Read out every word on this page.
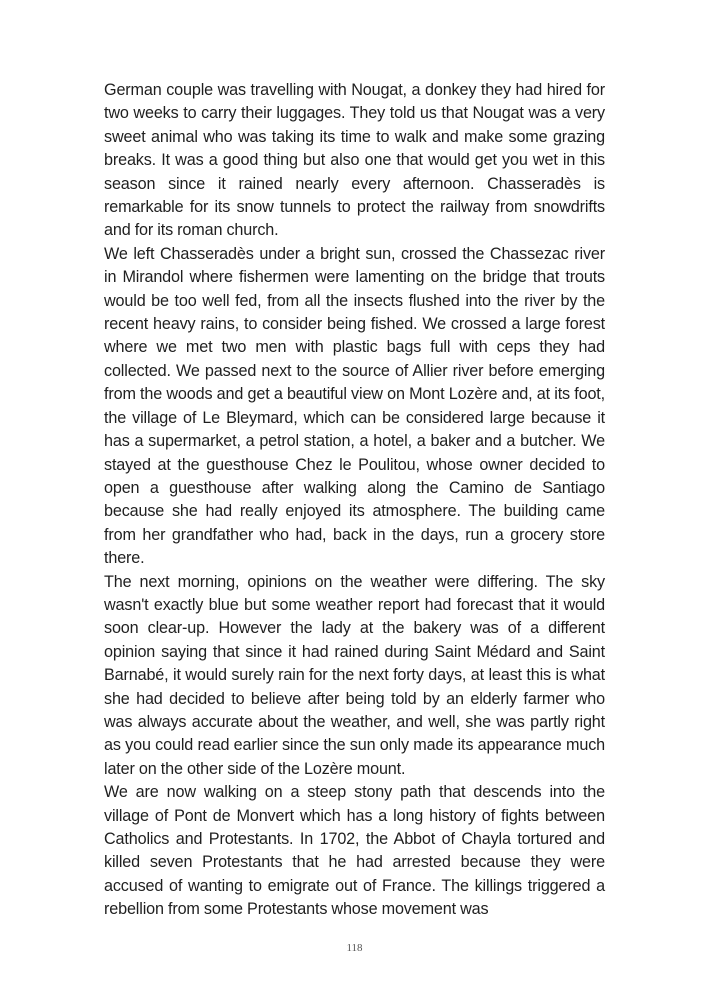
German couple was travelling with Nougat, a donkey they had hired for two weeks to carry their luggages. They told us that Nougat was a very sweet animal who was taking its time to walk and make some grazing breaks. It was a good thing but also one that would get you wet in this season since it rained nearly every afternoon. Chasseradès is remarkable for its snow tunnels to protect the railway from snowdrifts and for its roman church.

We left Chasseradès under a bright sun, crossed the Chassezac river in Mirandol where fishermen were lamenting on the bridge that trouts would be too well fed, from all the insects flushed into the river by the recent heavy rains, to consider being fished. We crossed a large forest where we met two men with plastic bags full with ceps they had collected. We passed next to the source of Allier river before emerging from the woods and get a beautiful view on Mont Lozère and, at its foot, the village of Le Bleymard, which can be considered large because it has a supermarket, a petrol station, a hotel, a baker and a butcher. We stayed at the guesthouse Chez le Poulitou, whose owner decided to open a guesthouse after walking along the Camino de Santiago because she had really enjoyed its atmosphere. The building came from her grandfather who had, back in the days, run a grocery store there.

The next morning, opinions on the weather were differing. The sky wasn't exactly blue but some weather report had forecast that it would soon clear-up. However the lady at the bakery was of a different opinion saying that since it had rained during Saint Médard and Saint Barnabé, it would surely rain for the next forty days, at least this is what she had decided to believe after being told by an elderly farmer who was always accurate about the weather, and well, she was partly right as you could read earlier since the sun only made its appearance much later on the other side of the Lozère mount.

We are now walking on a steep stony path that descends into the village of Pont de Monvert which has a long history of fights between Catholics and Protestants. In 1702, the Abbot of Chayla tortured and killed seven Protestants that he had arrested because they were accused of wanting to emigrate out of France. The killings triggered a rebellion from some Protestants whose movement was

118
